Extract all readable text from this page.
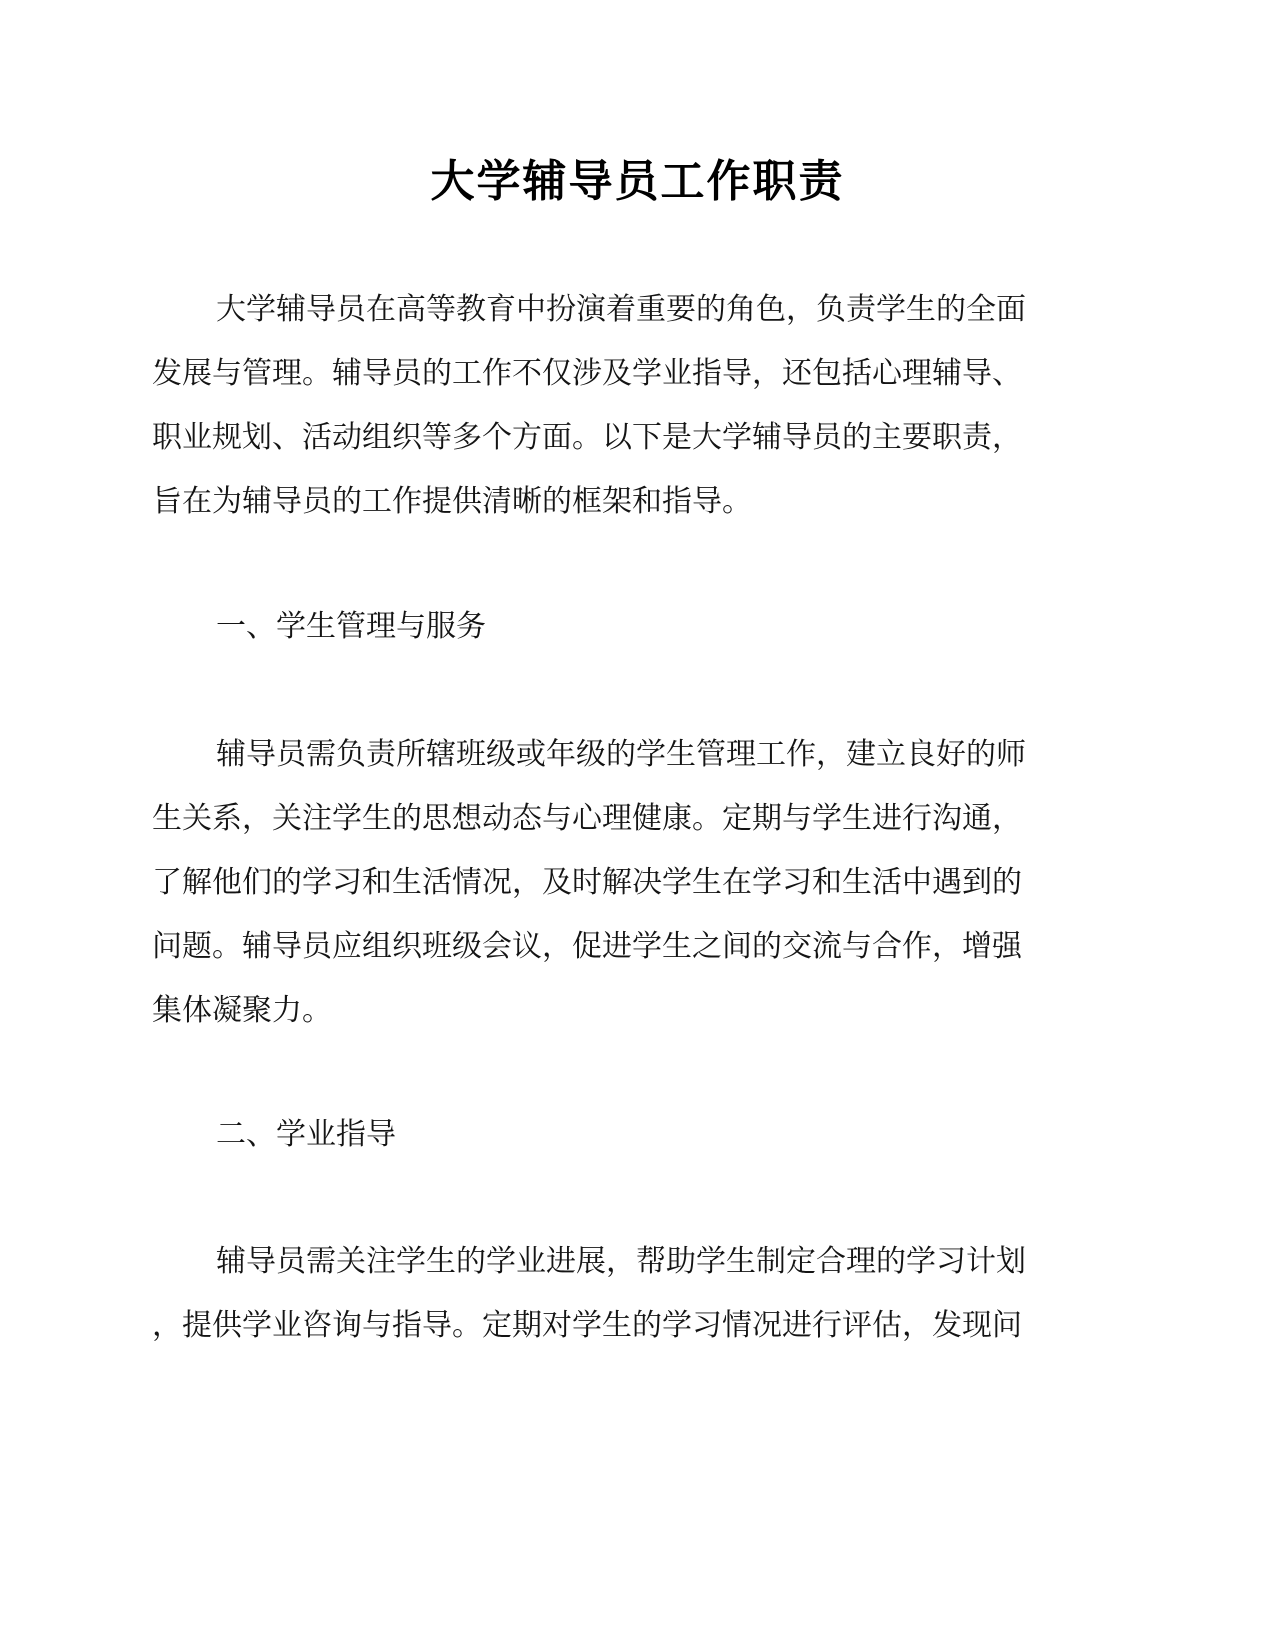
大学辅导员工作职责
大学辅导员在高等教育中扮演着重要的角色，负责学生的全面
发展与管理。辅导员的工作不仅涉及学业指导，还包括心理辅导、
职业规划、活动组织等多个方面。以下是大学辅导员的主要职责，
旨在为辅导员的工作提供清晰的框架和指导。
一、学生管理与服务
辅导员需负责所辖班级或年级的学生管理工作，建立良好的师
生关系，关注学生的思想动态与心理健康。定期与学生进行沟通，
了解他们的学习和生活情况，及时解决学生在学习和生活中遇到的
问题。辅导员应组织班级会议，促进学生之间的交流与合作，增强
集体凝聚力。
二、学业指导
辅导员需关注学生的学业进展，帮助学生制定合理的学习计划
，提供学业咨询与指导。定期对学生的学习情况进行评估，发现问
